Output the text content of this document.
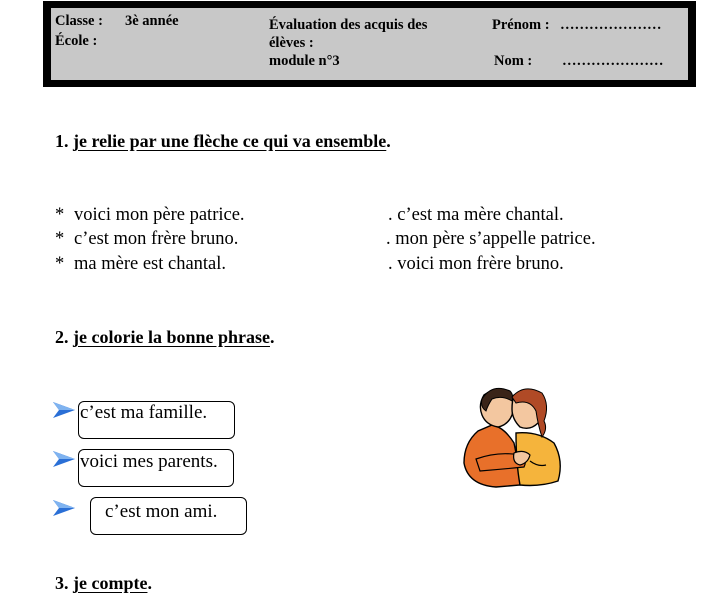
Classe : 3è année
École :
Évaluation des acquis des
élèves :
module n°3
Prénom : …………………
Nom : …………………
1. je relie par une flèche ce qui va ensemble.
* voici mon père patrice.
* c’est mon frère bruno.
* ma mère est chantal.
. c’est ma mère chantal.
. mon père s’appelle patrice.
. voici mon frère bruno.
2. je colorie la bonne phrase.
c’est ma famille.
voici mes parents.
c’est mon ami.
3. je compte.
